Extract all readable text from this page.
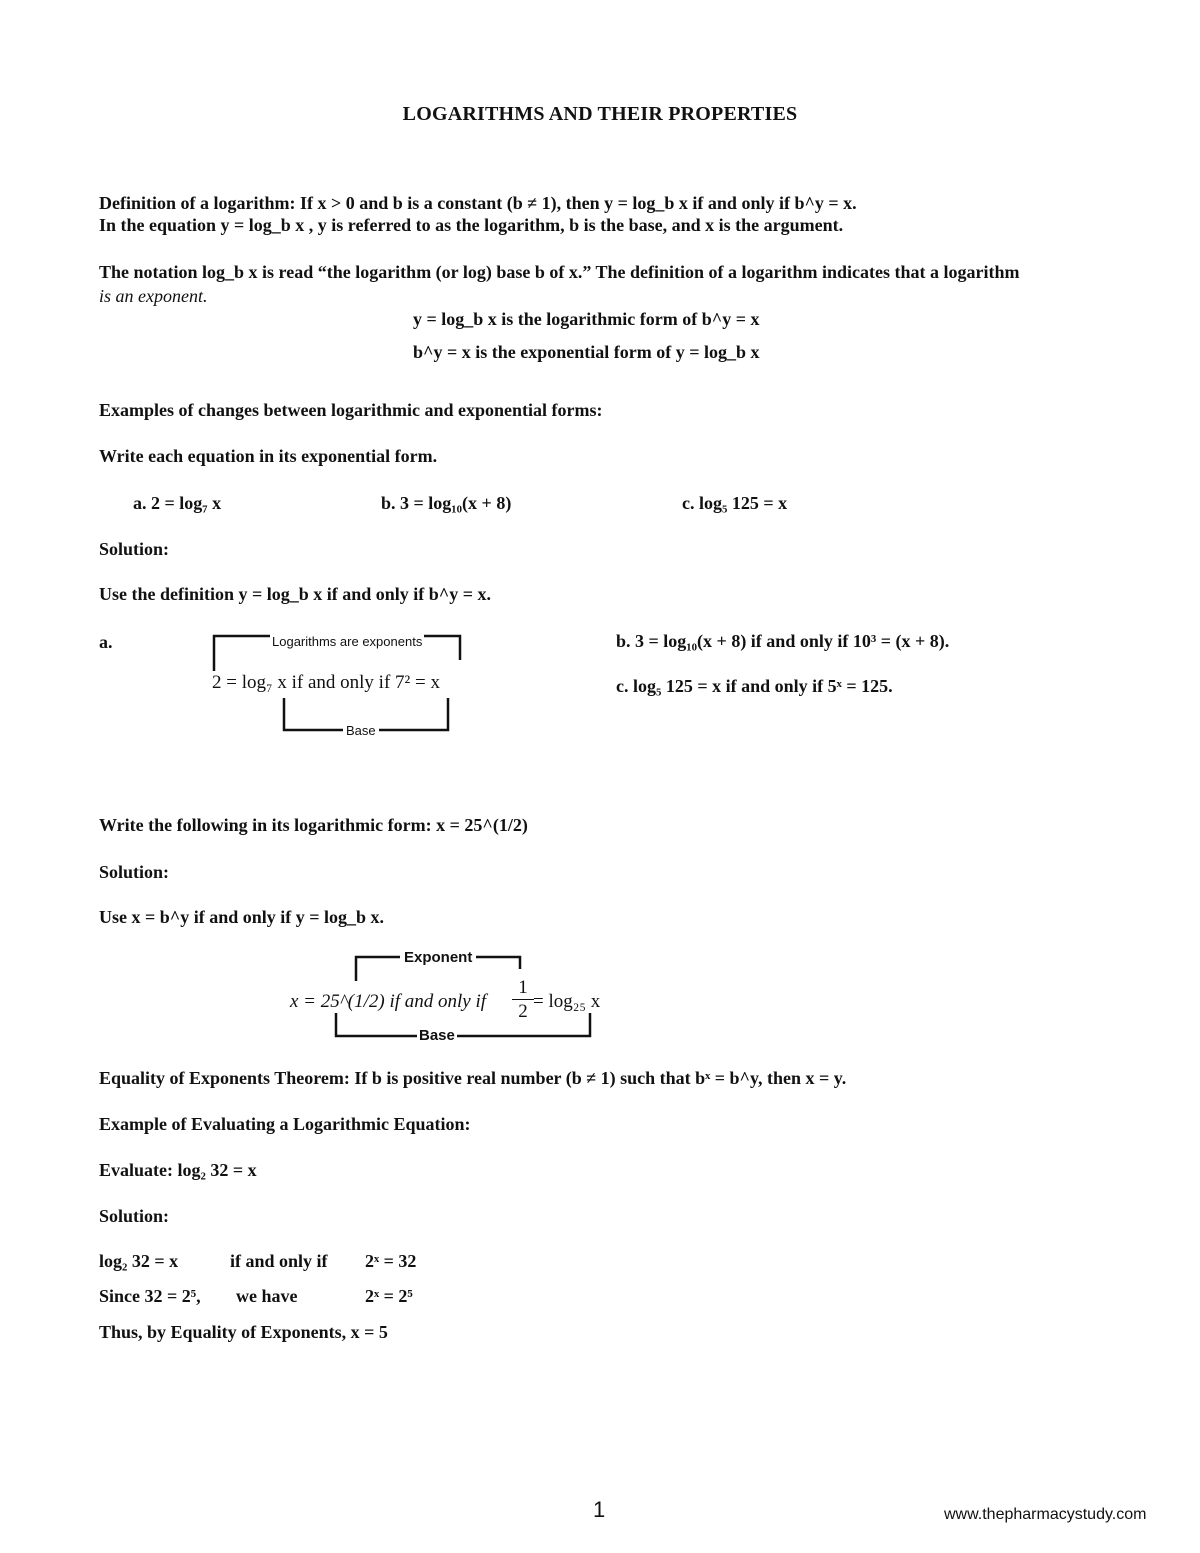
LOGARITHMS AND THEIR PROPERTIES
Definition of a logarithm: If x > 0 and b is a constant (b ≠ 1), then y = log_b x if and only if b^y = x.
In the equation y = log_b x , y is referred to as the logarithm, b is the base, and x is the argument.
The notation log_b x is read “the logarithm (or log) base b of x.” The definition of a logarithm indicates that a logarithm
is an exponent.
y = log_b x is the logarithmic form of b^y = x
b^y = x is the exponential form of y = log_b x
Examples of changes between logarithmic and exponential forms:
Write each equation in its exponential form.
a. 2 = log₇ x	b. 3 = log₁₀(x + 8)	c. log₅ 125 = x
Solution:
Use the definition y = log_b x if and only if b^y = x.
a.	Logarithms are exponents
2 = log₇ x if and only if 7² = x
Base
b. 3 = log₁₀(x + 8) if and only if 10³ = (x + 8).
c. log₅ 125 = x if and only if 5ˣ = 125.
Write the following in its logarithmic form: x = 25^(1/2)
Solution:
Use x = b^y if and only if y = log_b x.
Exponent
x = 25^(1/2) if and only if $\frac{1}{2} = \log_{25}$ x
Base
Equality of Exponents Theorem: If b is positive real number (b ≠ 1) such that bˣ = b^y, then x = y.
Example of Evaluating a Logarithmic Equation:
Evaluate: log₂ 32 = x
Solution:
log₂ 32 = x	if and only if 2ˣ = 32
Since 32 = 2⁵, we have	2ˣ = 2⁵
Thus, by Equality of Exponents, x = 5
1	www.thepharmacystudy.com
